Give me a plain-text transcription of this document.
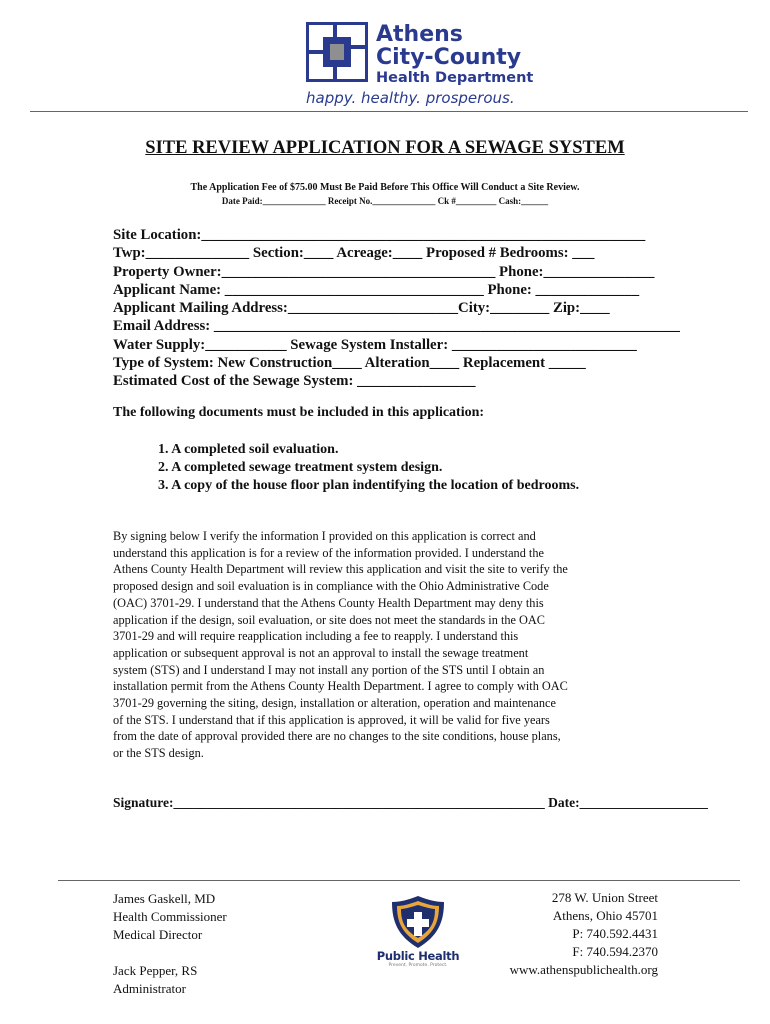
Athens
City-County
Health Department
happy. healthy. prosperous.
SITE REVIEW APPLICATION FOR A SEWAGE SYSTEM
The Application Fee of $75.00 Must Be Paid Before This Office Will Conduct a Site Review.
Date Paid:______________ Receipt No.______________ Ck #_________ Cash:______
Site Location:____________________________________________________________
Twp:______________ Section:____ Acreage:____ Proposed # Bedrooms: ___
Property Owner:_____________________________________ Phone:_______________
Applicant Name: ___________________________________ Phone: ______________
Applicant Mailing Address:_______________________City:________ Zip:____
Email Address: _______________________________________________________________
Water Supply:___________ Sewage System Installer: _________________________
Type of System: New Construction____ Alteration____ Replacement _____
Estimated Cost of the Sewage System: ________________
The following documents must be included in this application:
1. A completed soil evaluation.
2. A completed sewage treatment system design.
3. A copy of the house floor plan indentifying the location of bedrooms.
By signing below I verify the information I provided on this application is correct and
understand this application is for a review of the information provided. I understand the
Athens County Health Department will review this application and visit the site to verify the
proposed design and soil evaluation is in compliance with the Ohio Administrative Code
(OAC) 3701-29. I understand that the Athens County Health Department may deny this
application if the design, soil evaluation, or site does not meet the standards in the OAC
3701-29 and will require reapplication including a fee to reapply. I understand this
application or subsequent approval is not an approval to install the sewage treatment
system (STS) and I understand I may not install any portion of the STS until I obtain an
installation permit from the Athens County Health Department. I agree to comply with OAC
3701-29 governing the siting, design, installation or alteration, operation and maintenance
of the STS. I understand that if this application is approved, it will be valid for five years
from the date of approval provided there are no changes to the site conditions, house plans,
or the STS design.
Signature:_______________________________________________________ Date:___________________
James Gaskell, MD
Health Commissioner
Medical Director

Jack Pepper, RS
Administrator
Public Health
Prevent. Promote. Protect.
278 W. Union Street
Athens, Ohio 45701
P: 740.592.4431
F: 740.594.2370
www.athenspublichealth.org
